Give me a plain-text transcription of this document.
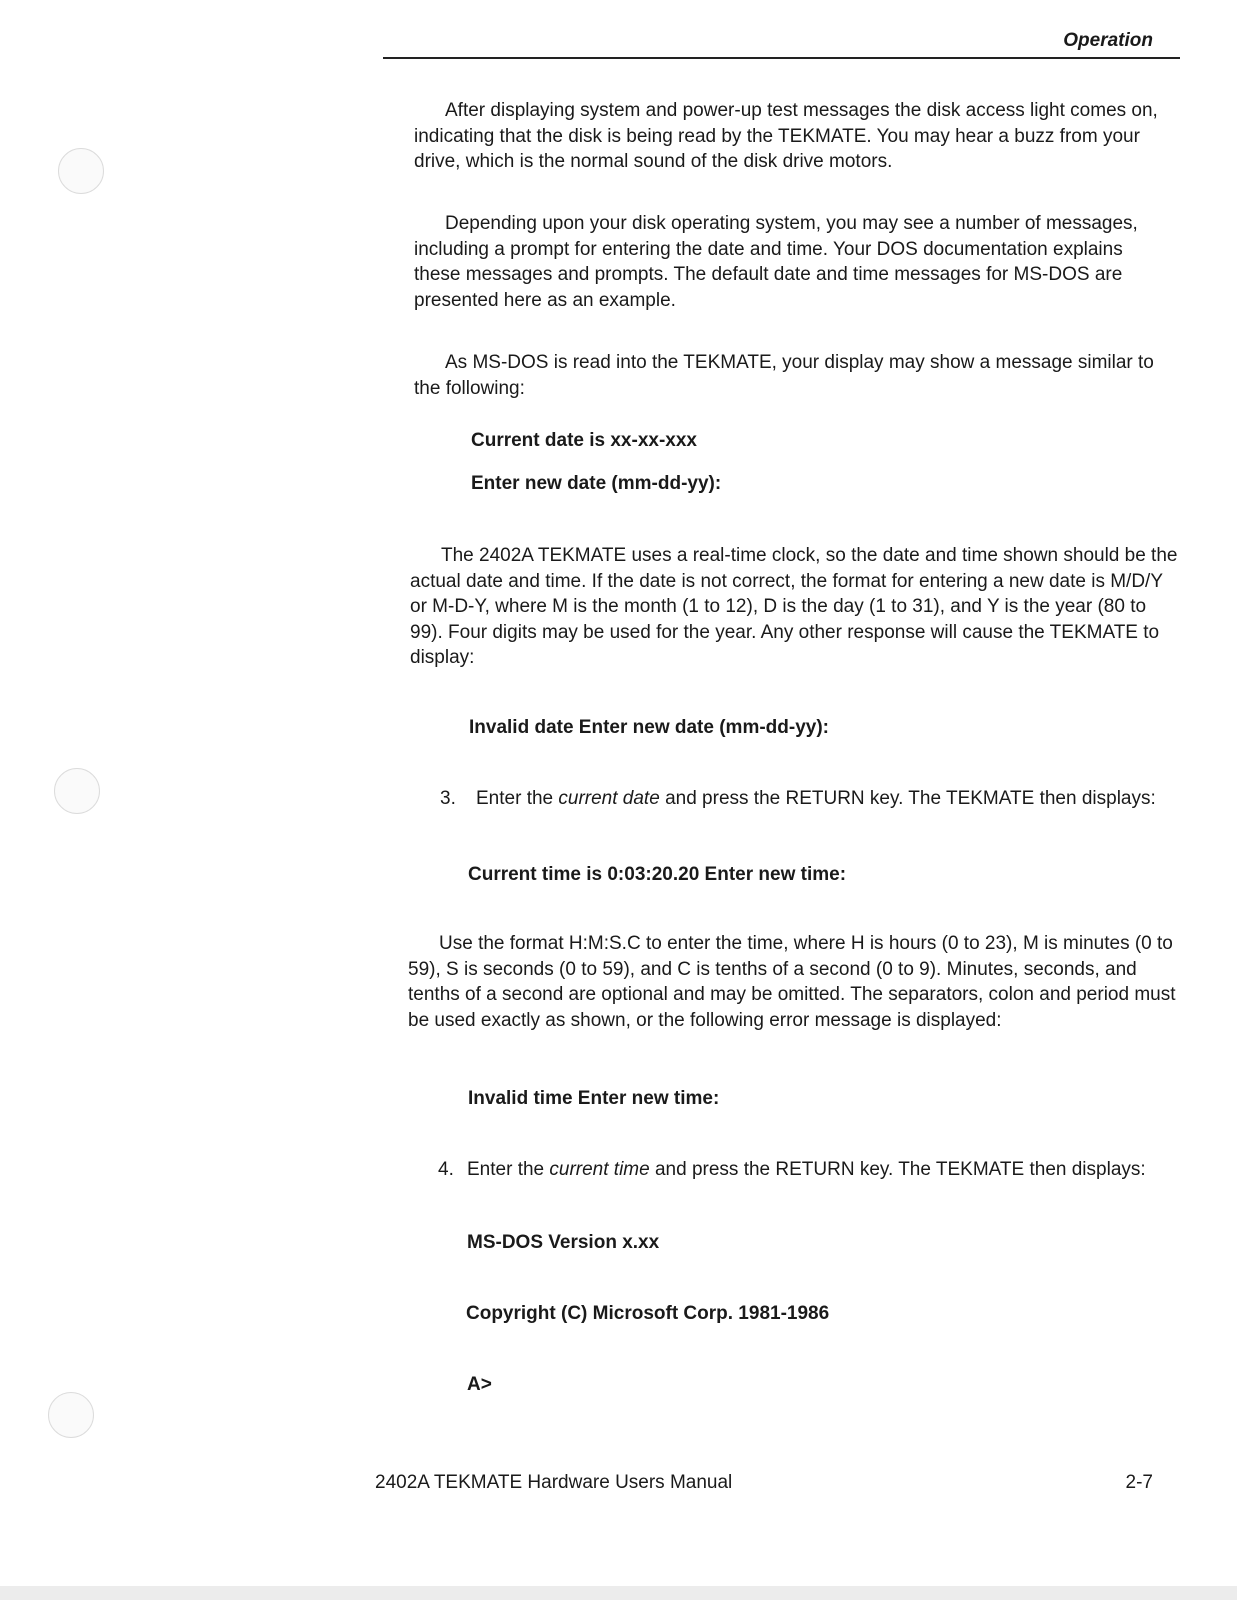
Operation

After displaying system and power-up test messages the disk access light comes on, indicating that the disk is being read by the TEKMATE. You may hear a buzz from your drive, which is the normal sound of the disk drive motors.

Depending upon your disk operating system, you may see a number of messages, including a prompt for entering the date and time. Your DOS documentation explains these messages and prompts. The default date and time messages for MS-DOS are presented here as an example.

As MS-DOS is read into the TEKMATE, your display may show a message similar to the following:

Current date is xx-xx-xxx

Enter new date (mm-dd-yy):

The 2402A TEKMATE uses a real-time clock, so the date and time shown should be the actual date and time. If the date is not correct, the format for entering a new date is M/D/Y or M-D-Y, where M is the month (1 to 12), D is the day (1 to 31), and Y is the year (80 to 99). Four digits may be used for the year. Any other response will cause the TEKMATE to display:

Invalid date Enter new date (mm-dd-yy):

3.	Enter the current date and press the RETURN key. The TEKMATE then displays:

Current time is 0:03:20.20 Enter new time:

Use the format H:M:S.C to enter the time, where H is hours (0 to 23), M is minutes (0 to 59), S is seconds (0 to 59), and C is tenths of a second (0 to 9). Minutes, seconds, and tenths of a second are optional and may be omitted. The separators, colon and period must be used exactly as shown, or the following error message is displayed:

Invalid time Enter new time:

4. Enter the current time and press the RETURN key. The TEKMATE then displays:

MS-DOS Version x.xx

Copyright (C) Microsoft Corp. 1981-1986

A>

2402A TEKMATE Hardware Users Manual	2-7
